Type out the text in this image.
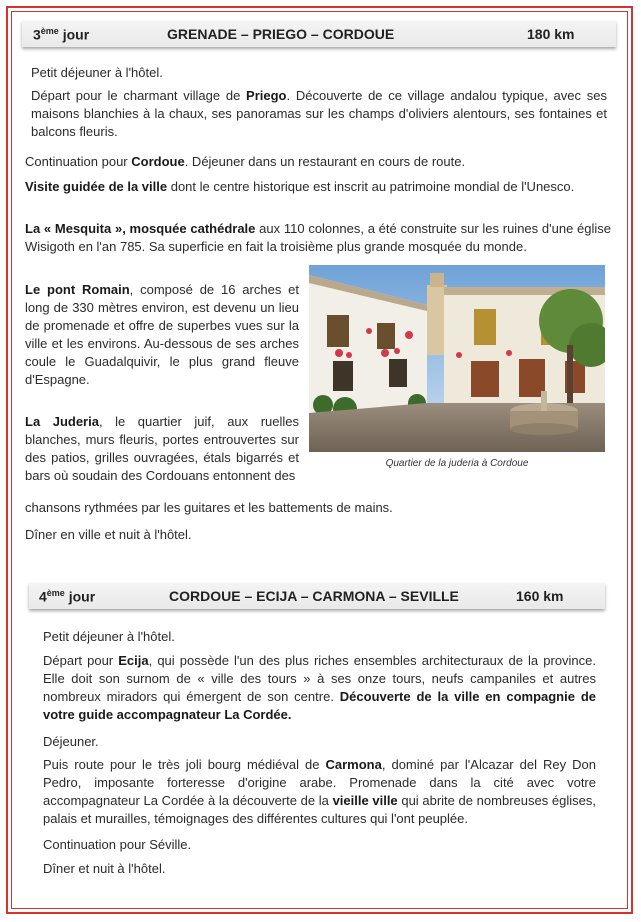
3ème jour	GRENADE – PRIEGO – CORDOUE	180 km

Petit déjeuner à l'hôtel.

Départ pour le charmant village de Priego. Découverte de ce village andalou typique, avec ses maisons blanchies à la chaux, ses panoramas sur les champs d'oliviers alentours, ses fontaines et balcons fleuris.

Continuation pour Cordoue. Déjeuner dans un restaurant en cours de route.

Visite guidée de la ville dont le centre historique est inscrit au patrimoine mondial de l'Unesco.

La « Mesquita », mosquée cathédrale aux 110 colonnes, a été construite sur les ruines d'une église Wisigoth en l'an 785. Sa superficie en fait la troisième plus grande mosquée du monde.

Le pont Romain, composé de 16 arches et long de 330 mètres environ, est devenu un lieu de promenade et offre de superbes vues sur la ville et les environs. Au-dessous de ses arches coule le Guadalquivir, le plus grand fleuve d'Espagne.

La Juderia, le quartier juif, aux ruelles blanches, murs fleuris, portes entrouvertes sur des patios, grilles ouvragées, étals bigarrés et bars où soudain des Cordouans entonnent des

chansons rythmées par les guitares et les battements de mains.

Quartier de la juderia à Cordoue

Dîner en ville et nuit à l'hôtel.

4ème jour	CORDOUE – ECIJA – CARMONA – SEVILLE	160 km

Petit déjeuner à l'hôtel.

Départ pour Ecija, qui possède l'un des plus riches ensembles architecturaux de la province. Elle doit son surnom de « ville des tours » à ses onze tours, neufs campaniles et autres nombreux miradors qui émergent de son centre. Découverte de la ville en compagnie de votre guide accompagnateur La Cordée.

Déjeuner.

Puis route pour le très joli bourg médiéval de Carmona, dominé par l'Alcazar del Rey Don Pedro, imposante forteresse d'origine arabe. Promenade dans la cité avec votre accompagnateur La Cordée à la découverte de la vieille ville qui abrite de nombreuses églises, palais et murailles, témoignages des différentes cultures qui l'ont peuplée.

Continuation pour Séville.

Dîner et nuit à l'hôtel.
